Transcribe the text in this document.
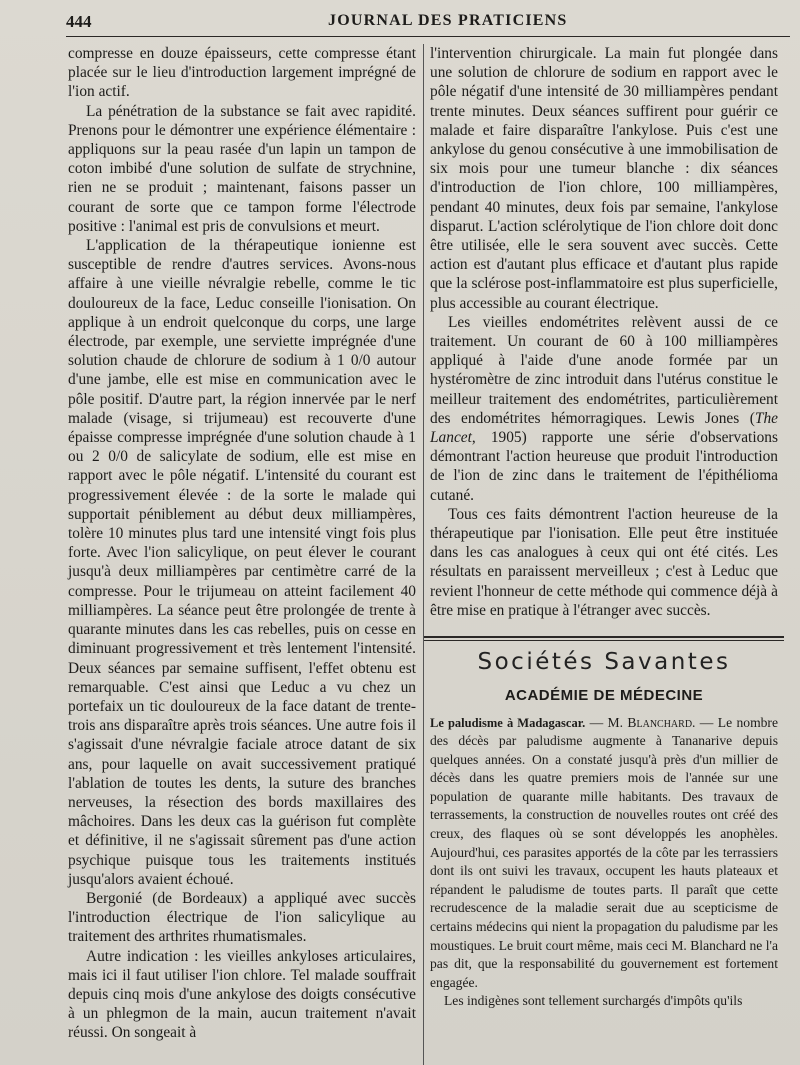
444	JOURNAL DES PRATICIENS

compresse en douze épaisseurs, cette compresse étant placée sur le lieu d'introduction largement imprégné de l'ion actif.

La pénétration de la substance se fait avec rapidité. Prenons pour le démontrer une expérience élémentaire : appliquons sur la peau rasée d'un lapin un tampon de coton imbibé d'une solution de sulfate de strychnine, rien ne se produit ; maintenant, faisons passer un courant de sorte que ce tampon forme l'électrode positive : l'animal est pris de convulsions et meurt.

L'application de la thérapeutique ionienne est susceptible de rendre d'autres services. Avons-nous affaire à une vieille névralgie rebelle, comme le tic douloureux de la face, Leduc conseille l'ionisation. On applique à un endroit quelconque du corps, une large électrode, par exemple, une serviette imprégnée d'une solution chaude de chlorure de sodium à 1 0/0 autour d'une jambe, elle est mise en communication avec le pôle positif. D'autre part, la région innervée par le nerf malade (visage, si trijumeau) est recouverte d'une épaisse compresse imprégnée d'une solution chaude à 1 ou 2 0/0 de salicylate de sodium, elle est mise en rapport avec le pôle négatif. L'intensité du courant est progressivement élevée : de la sorte le malade qui supportait péniblement au début deux milliampères, tolère 10 minutes plus tard une intensité vingt fois plus forte. Avec l'ion salicylique, on peut élever le courant jusqu'à deux milliampères par centimètre carré de la compresse. Pour le trijumeau on atteint facilement 40 milliampères. La séance peut être prolongée de trente à quarante minutes dans les cas rebelles, puis on cesse en diminuant progressivement et très lentement l'intensité. Deux séances par semaine suffisent, l'effet obtenu est remarquable. C'est ainsi que Leduc a vu chez un portefaix un tic douloureux de la face datant de trente-trois ans disparaître après trois séances. Une autre fois il s'agissait d'une névralgie faciale atroce datant de six ans, pour laquelle on avait successivement pratiqué l'ablation de toutes les dents, la suture des branches nerveuses, la résection des bords maxillaires des mâchoires. Dans les deux cas la guérison fut complète et définitive, il ne s'agissait sûrement pas d'une action psychique puisque tous les traitements institués jusqu'alors avaient échoué.

Bergonié (de Bordeaux) a appliqué avec succès l'introduction électrique de l'ion salicylique au traitement des arthrites rhumatismales.

Autre indication : les vieilles ankyloses articulaires, mais ici il faut utiliser l'ion chlore. Tel malade souffrait depuis cinq mois d'une ankylose des doigts consécutive à un phlegmon de la main, aucun traitement n'avait réussi. On songeait à

l'intervention chirurgicale. La main fut plongée dans une solution de chlorure de sodium en rapport avec le pôle négatif d'une intensité de 30 milliampères pendant trente minutes. Deux séances suffirent pour guérir ce malade et faire disparaître l'ankylose. Puis c'est une ankylose du genou consécutive à une immobilisation de six mois pour une tumeur blanche : dix séances d'introduction de l'ion chlore, 100 milliampères, pendant 40 minutes, deux fois par semaine, l'ankylose disparut. L'action sclérolytique de l'ion chlore doit donc être utilisée, elle le sera souvent avec succès. Cette action est d'autant plus efficace et d'autant plus rapide que la sclérose post-inflammatoire est plus superficielle, plus accessible au courant électrique.

Les vieilles endométrites relèvent aussi de ce traitement. Un courant de 60 à 100 milliampères appliqué à l'aide d'une anode formée par un hystéromètre de zinc introduit dans l'utérus constitue le meilleur traitement des endométrites, particulièrement des endométrites hémorragiques. Lewis Jones (The Lancet, 1905) rapporte une série d'observations démontrant l'action heureuse que produit l'introduction de l'ion de zinc dans le traitement de l'épithélioma cutané.

Tous ces faits démontrent l'action heureuse de la thérapeutique par l'ionisation. Elle peut être instituée dans les cas analogues à ceux qui ont été cités. Les résultats en paraissent merveilleux ; c'est à Leduc que revient l'honneur de cette méthode qui commence déjà à être mise en pratique à l'étranger avec succès.

Sociétés Savantes
ACADÉMIE DE MÉDECINE

Le paludisme à Madagascar. — M. Blanchard. — Le nombre des décès par paludisme augmente à Tananarive depuis quelques années. On a constaté jusqu'à près d'un millier de décès dans les quatre premiers mois de l'année sur une population de quarante mille habitants. Des travaux de terrassements, la construction de nouvelles routes ont créé des creux, des flaques où se sont développés les anophèles. Aujourd'hui, ces parasites apportés de la côte par les terrassiers dont ils ont suivi les travaux, occupent les hauts plateaux et répandent le paludisme de toutes parts. Il paraît que cette recrudescence de la maladie serait due au scepticisme de certains médecins qui nient la propagation du paludisme par les moustiques. Le bruit court même, mais ceci M. Blanchard ne l'a pas dit, que la responsabilité du gouvernement est fortement engagée.

Les indigènes sont tellement surchargés d'impôts qu'ils
